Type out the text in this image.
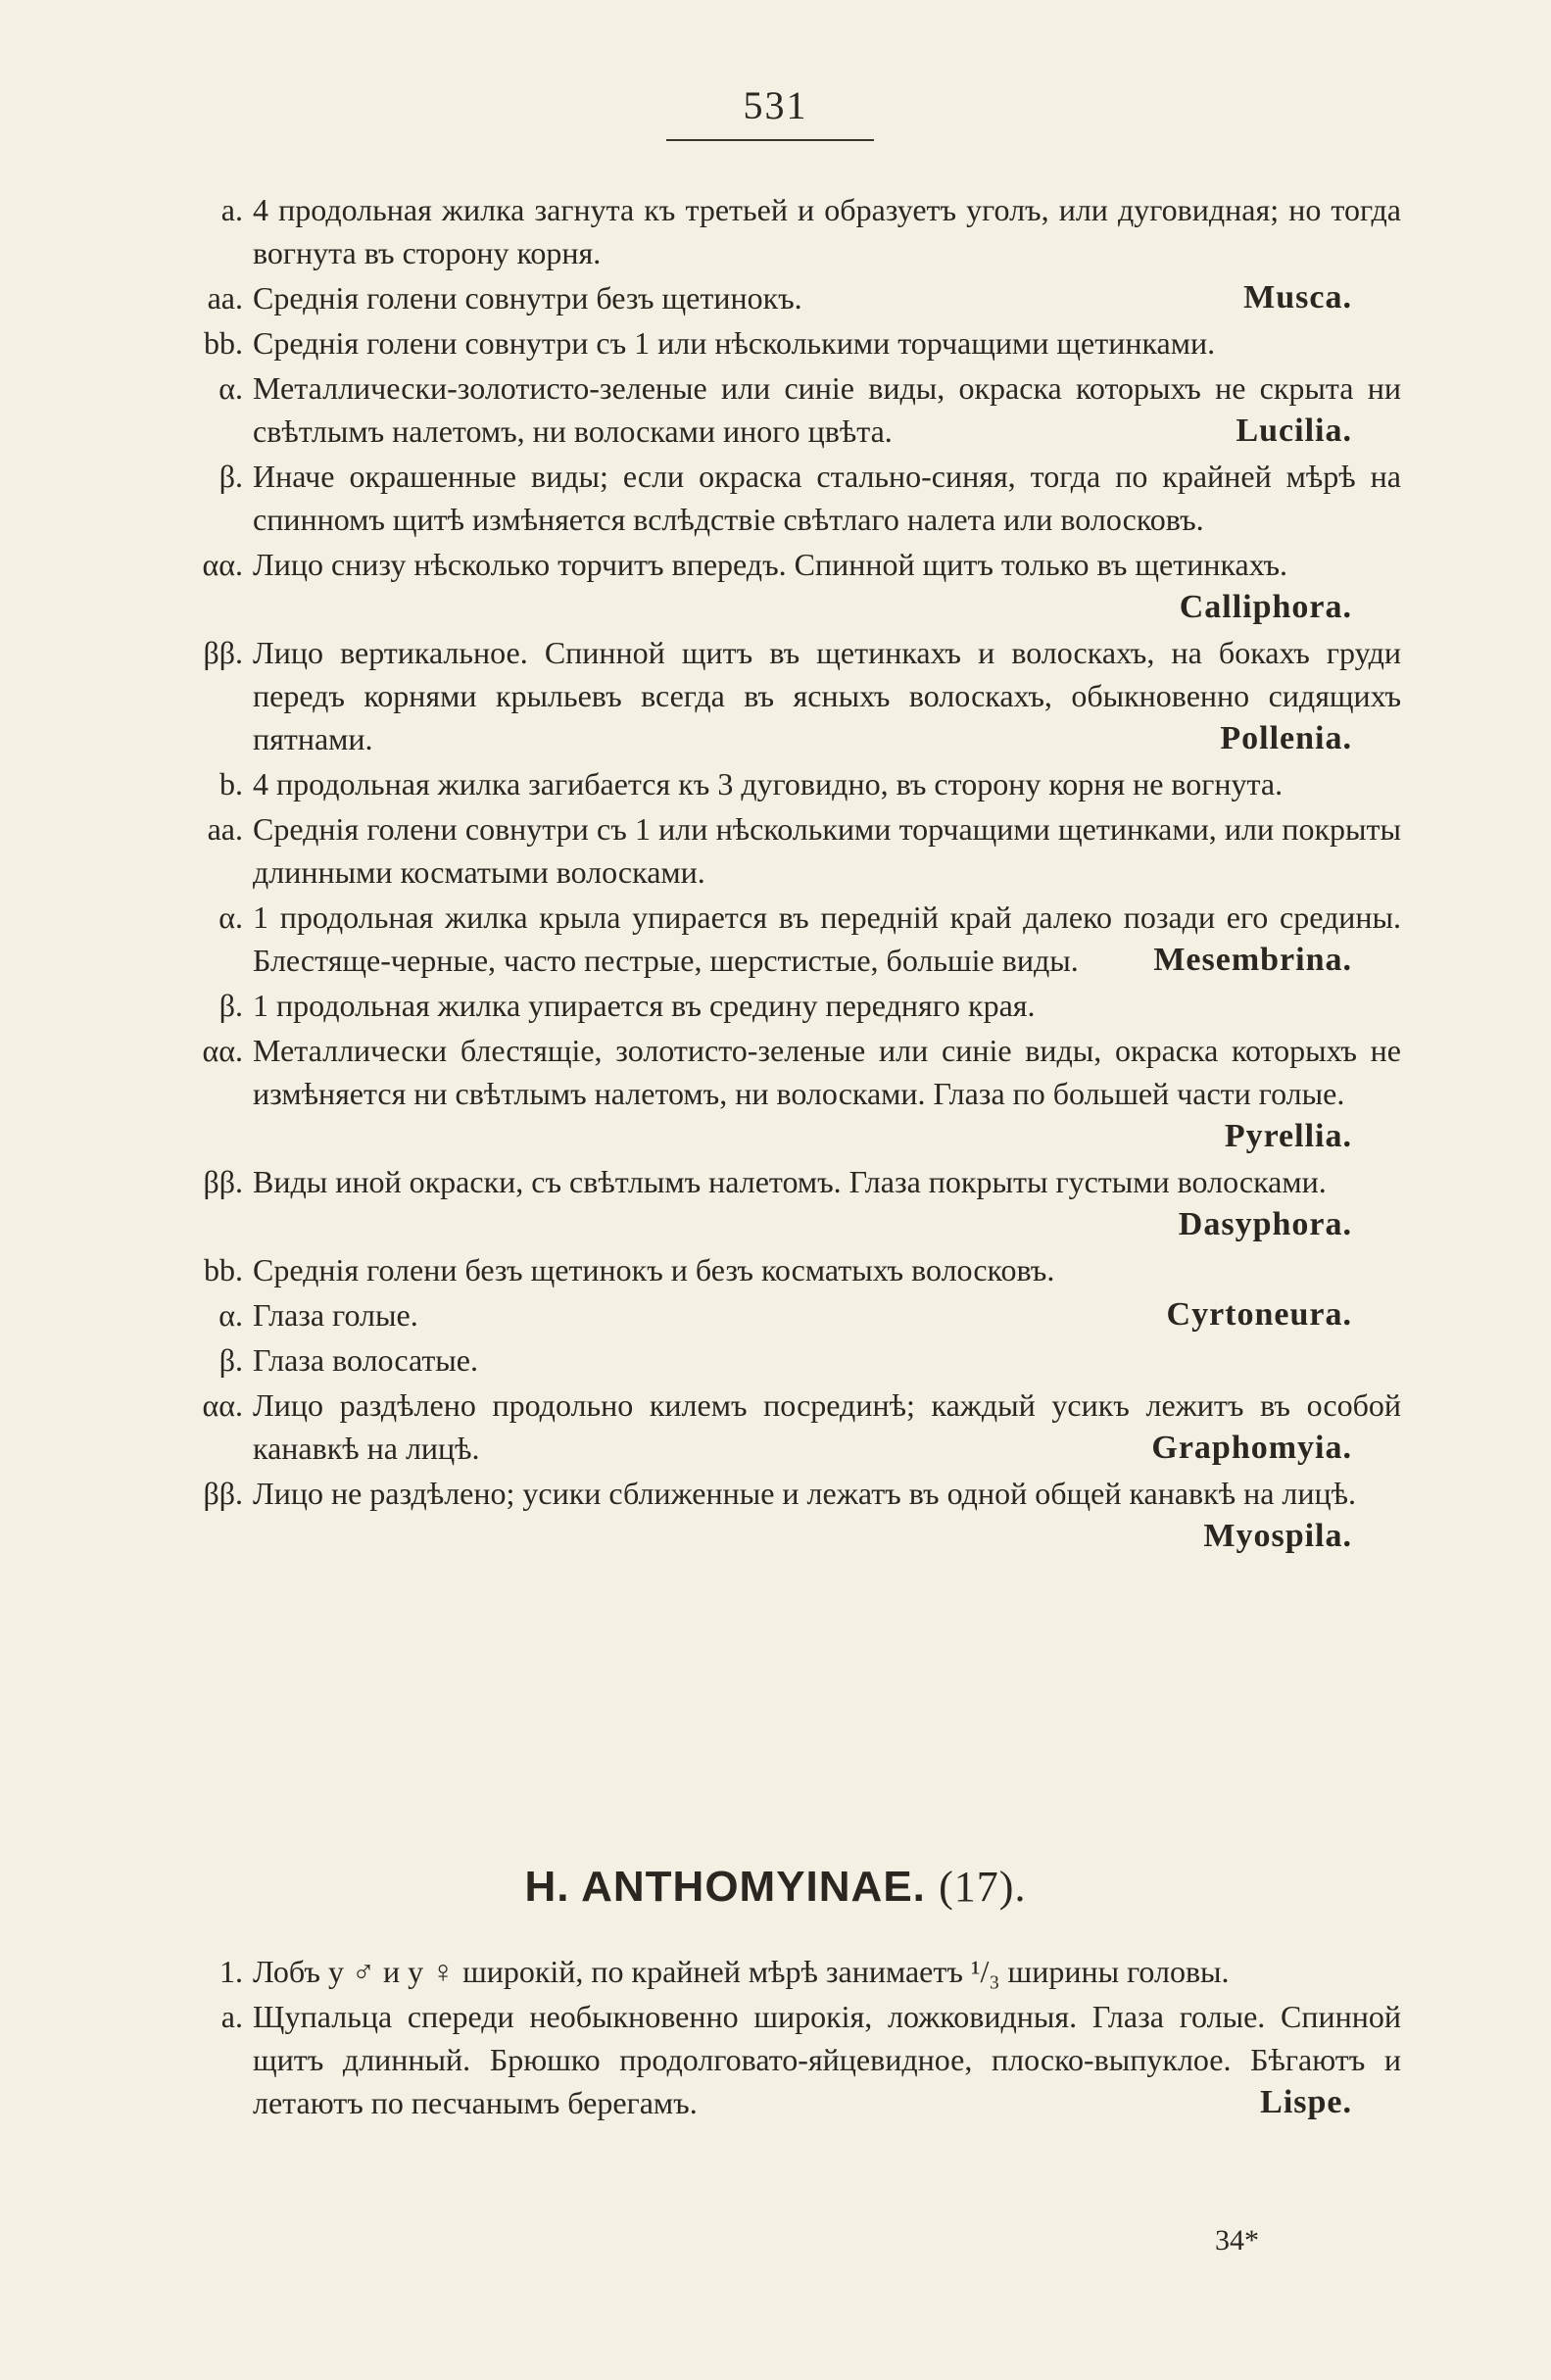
531
a. 4 продольная жилка загнута къ третьей и образуетъ уголъ, или дуговидная; но тогда вогнута въ сторону корня.
аа. Среднія голени совнутри безъ щетинокъ.	Musca.
bb. Среднія голени совнутри съ 1 или нѣсколькими торчащими щетинками.
α. Металлически-золотисто-зеленые или синіе виды, окраска которыхъ не скрыта ни свѣтлымъ налетомъ, ни волосками иного цвѣта.	Lucilia.
β. Иначе окрашенные виды; если окраска стально-синяя, тогда по крайней мѣрѣ на спинномъ щитѣ измѣняется вслѣдствіе свѣтлаго налета или волосковъ.
αα. Лицо снизу нѣсколько торчитъ впередъ. Спинной щитъ только въ щетинкахъ.
Calliphora.
ββ. Лицо вертикальное. Спинной щитъ въ щетинкахъ и волоскахъ, на бокахъ груди передъ корнями крыльевъ всегда въ ясныхъ волоскахъ, обыкновенно сидящихъ пятнами.	Pollenia.
b. 4 продольная жилка загибается къ 3 дуговидно, въ сторону корня не вогнута.
аа. Среднія голени совнутри съ 1 или нѣсколькими торчащими щетинками, или покрыты длинными косматыми волосками.
α. 1 продольная жилка крыла упирается въ передній край далеко позади его средины. Блестяще-черные, часто пестрые, шерстистые, большіе виды. Mesembrina.
β. 1 продольная жилка упирается въ средину передняго края.
αα. Металлически блестящіе, золотисто-зеленые или синіе виды, окраска которыхъ не измѣняется ни свѣтлымъ налетомъ, ни волосками. Глаза по большей части голые.
Pyrellia.
ββ. Виды иной окраски, съ свѣтлымъ налетомъ. Глаза покрыты густыми волосками.
Dasyphora.
bb. Среднія голени безъ щетинокъ и безъ косматыхъ волосковъ.
α. Глаза голые.	Cyrtoneura.
β. Глаза волосатые.
αα. Лицо раздѣлено продольно килемъ посрединѣ; каждый усикъ лежитъ въ особой канавкѣ на лицѣ.	Graphomyia.
ββ. Лицо не раздѣлено; усики сближенные и лежатъ въ одной общей канавкѣ на лицѣ.
Myospila.
H. ANTHOMYINAE. (17).
1. Лобъ у ♂ и у ♀ широкій, по крайней мѣрѣ занимаетъ ¹/₃ ширины головы.
a. Щупальца спереди необыкновенно широкія, ложковидныя. Глаза голые. Спинной щитъ длинный. Брюшко продолговато-яйцевидное, плоско-выпуклое. Бѣгаютъ и летаютъ по песчанымъ берегамъ.	Lispe.
34*
